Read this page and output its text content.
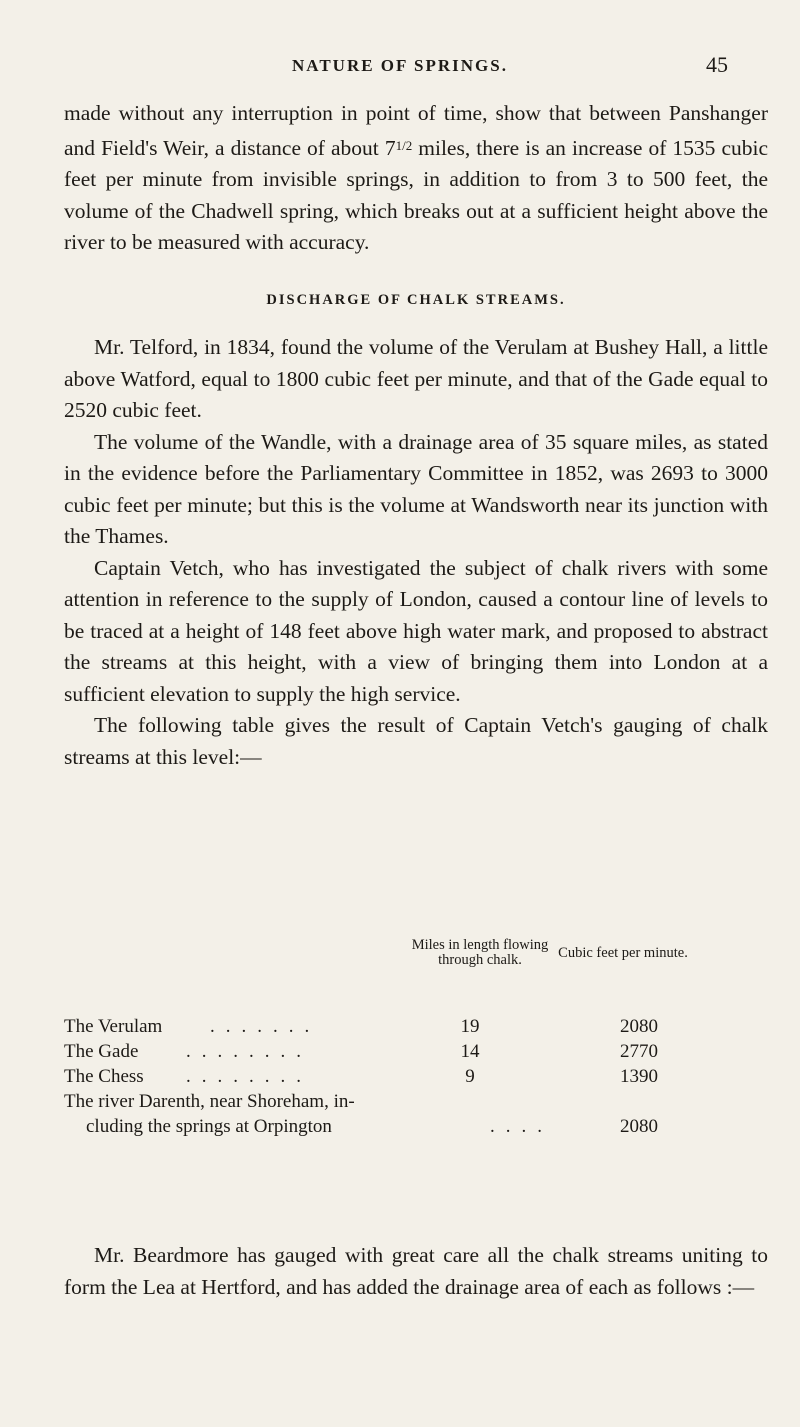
NATURE OF SPRINGS.	45

made without any interruption in point of time, show that between Panshanger and Field's Weir, a distance of about $7^{1/2}$ miles, there is an increase of 1535 cubic feet per minute from invisible springs, in addition to from 3 to 500 feet, the volume of the Chadwell spring, which breaks out at a sufficient height above the river to be measured with accuracy.

DISCHARGE OF CHALK STREAMS.

Mr. Telford, in 1834, found the volume of the Verulam at Bushey Hall, a little above Watford, equal to 1800 cubic feet per minute, and that of the Gade equal to 2520 cubic feet.

The volume of the Wandle, with a drainage area of 35 square miles, as stated in the evidence before the Parliamentary Committee in 1852, was 2693 to 3000 cubic feet per minute; but this is the volume at Wandsworth near its junction with the Thames.

Captain Vetch, who has investigated the subject of chalk rivers with some attention in reference to the supply of London, caused a contour line of levels to be traced at a height of 148 feet above high water mark, and proposed to abstract the streams at this height, with a view of bringing them into London at a sufficient elevation to supply the high service.

The following table gives the result of Captain Vetch's gauging of chalk streams at this level:—

Miles in length flowing through chalk.	Cubic feet per minute.
The Verulam	.......	19	2080
The Gade	........	14	2770
The Chess ........	9	1390
The river Darenth, near Shoreham, in-
cluding the springs at Orpington	....	2080

Mr. Beardmore has gauged with great care all the chalk streams uniting to form the Lea at Hertford, and has added the drainage area of each as follows :—
